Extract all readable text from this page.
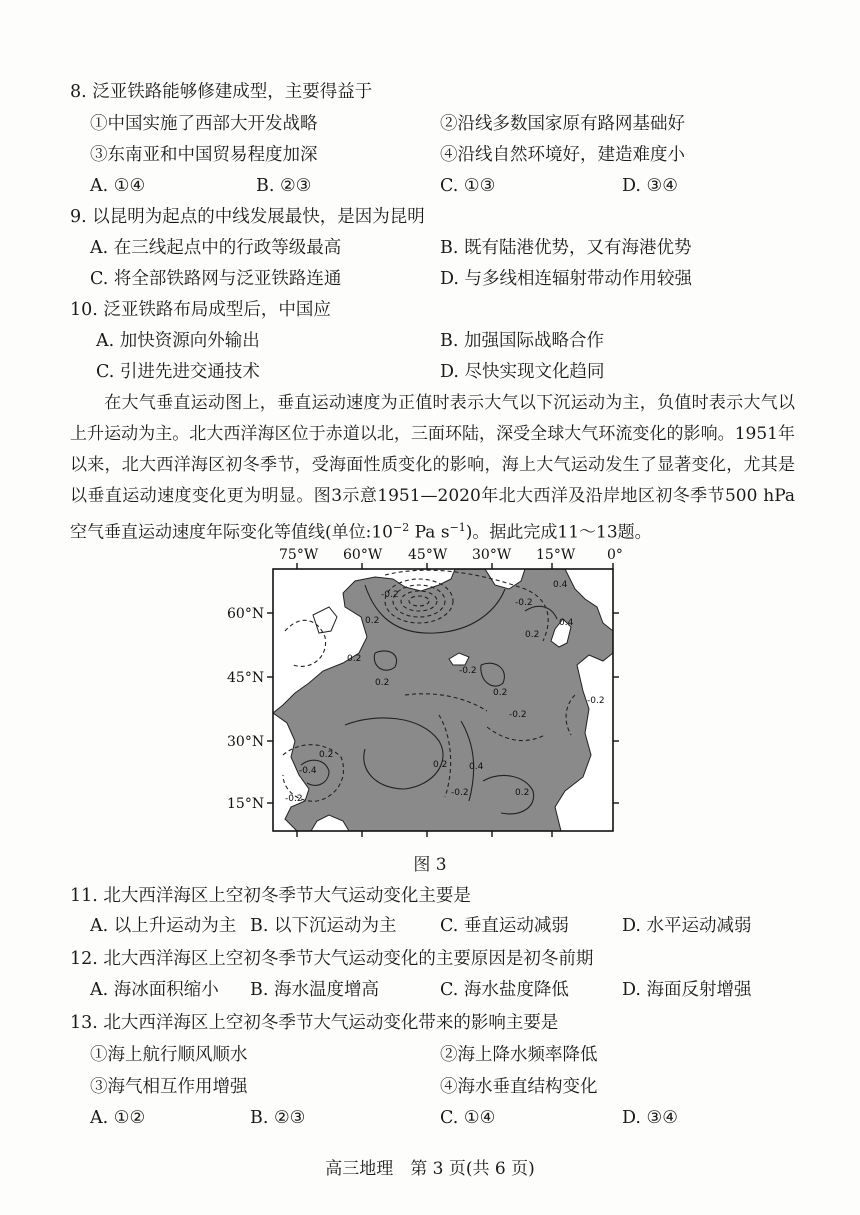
8. 泛亚铁路能够修建成型，主要得益于
①中国实施了西部大开发战略	②沿线多数国家原有路网基础好
③东南亚和中国贸易程度加深	④沿线自然环境好，建造难度小
A. ①④	B. ②③	C. ①③	D. ③④
9. 以昆明为起点的中线发展最快，是因为昆明
A. 在三线起点中的行政等级最高	B. 既有陆港优势，又有海港优势
C. 将全部铁路网与泛亚铁路连通	D. 与多线相连辐射带动作用较强
10. 泛亚铁路布局成型后，中国应
A. 加快资源向外输出	B. 加强国际战略合作
C. 引进先进交通技术	D. 尽快实现文化趋同
在大气垂直运动图上，垂直运动速度为正值时表示大气以下沉运动为主，负值时表示大气以上升运动为主。北大西洋海区位于赤道以北，三面环陆，深受全球大气环流变化的影响。1951年以来，北大西洋海区初冬季节，受海面性质变化的影响，海上大气运动发生了显著变化，尤其是以垂直运动速度变化更为明显。图3示意1951—2020年北大西洋及沿岸地区初冬季节500 hPa空气垂直运动速度年际变化等值线(单位$:10^{-2}$ Pa $s^{-1}$)。据此完成11～13题。
75°W 60°W 45°W 30°W 15°W 0°
60°N
45°N
30°N
15°N
-0.2
0.2
0.4
-0.2
0.2
-0.2
0.2
0.4
0.2
-0.2
0.2
-0.2
0.2 0.4
-0.4
-0.2	0.2
-0.2
0.2
图 3
11. 北大西洋海区上空初冬季节大气运动变化主要是
A. 以上升运动为主 B. 以下沉运动为主 C. 垂直运动减弱	D. 水平运动减弱
12. 北大西洋海区上空初冬季节大气运动变化的主要原因是初冬前期
A. 海冰面积缩小 B. 海水温度增高	C. 海水盐度降低	D. 海面反射增强
13. 北大西洋海区上空初冬季节大气运动变化带来的影响主要是
①海上航行顺风顺水	②海上降水频率降低
③海气相互作用增强	④海水垂直结构变化
A. ①②	B. ②③	C. ①④	D. ③④
高三地理　第 3 页(共 6 页)
